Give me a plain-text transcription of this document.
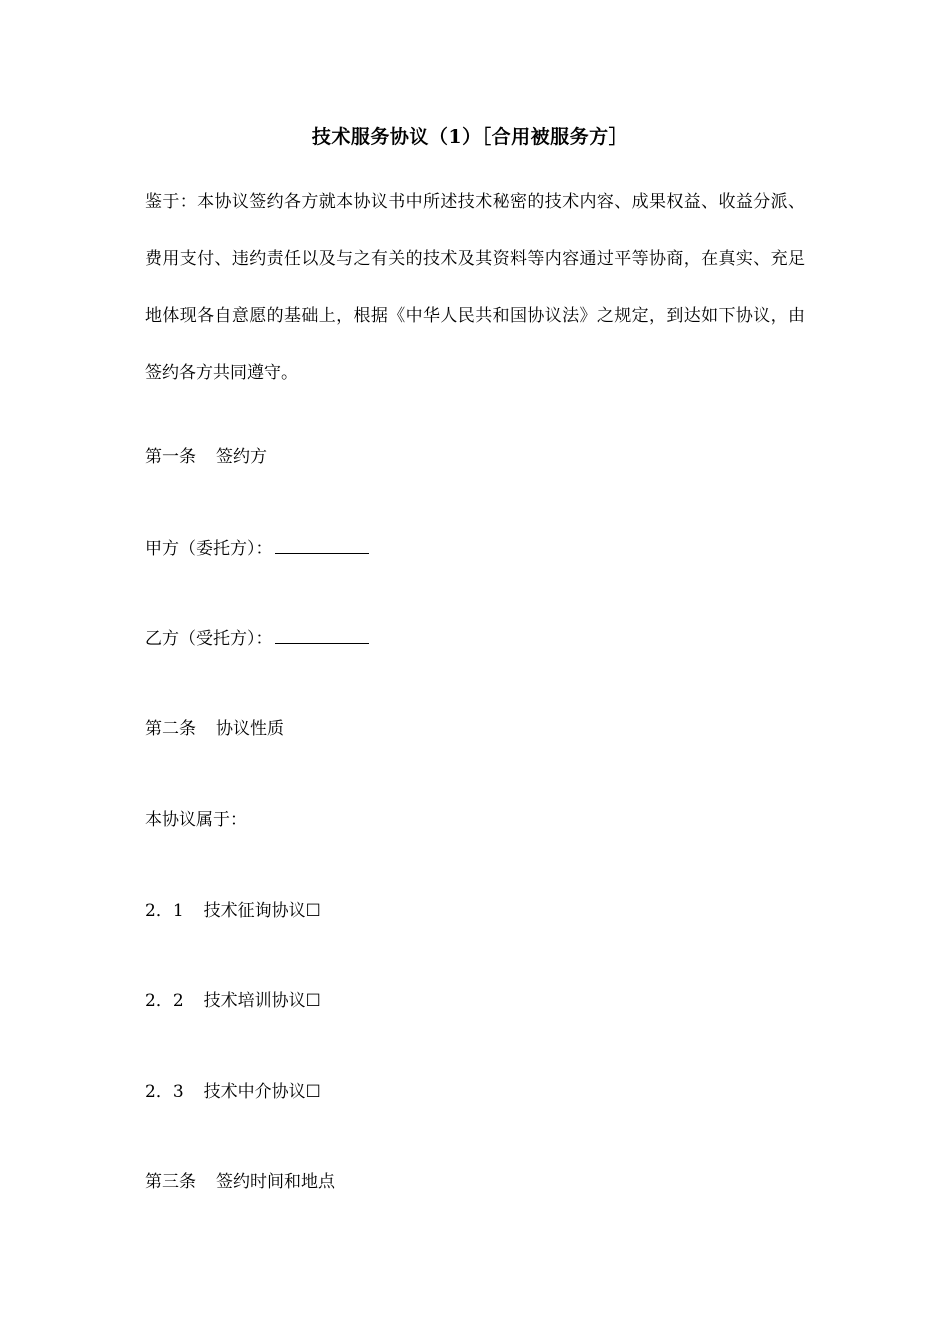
技术服务协议（1）［合用被服务方］
鉴于：本协议签约各方就本协议书中所述技术秘密的技术内容、成果权益、收益分派、费用支付、违约责任以及与之有关的技术及其资料等内容通过平等协商，在真实、充足地体现各自意愿的基础上，根据《中华人民共和国协议法》之规定，到达如下协议，由签约各方共同遵守。
第一条 签约方
甲方（委托方）：
乙方（受托方）：
第二条 协议性质
本协议属于：
2．1 技术征询协议☐
2．2 技术培训协议☐
2．3 技术中介协议☐
第三条 签约时间和地点
